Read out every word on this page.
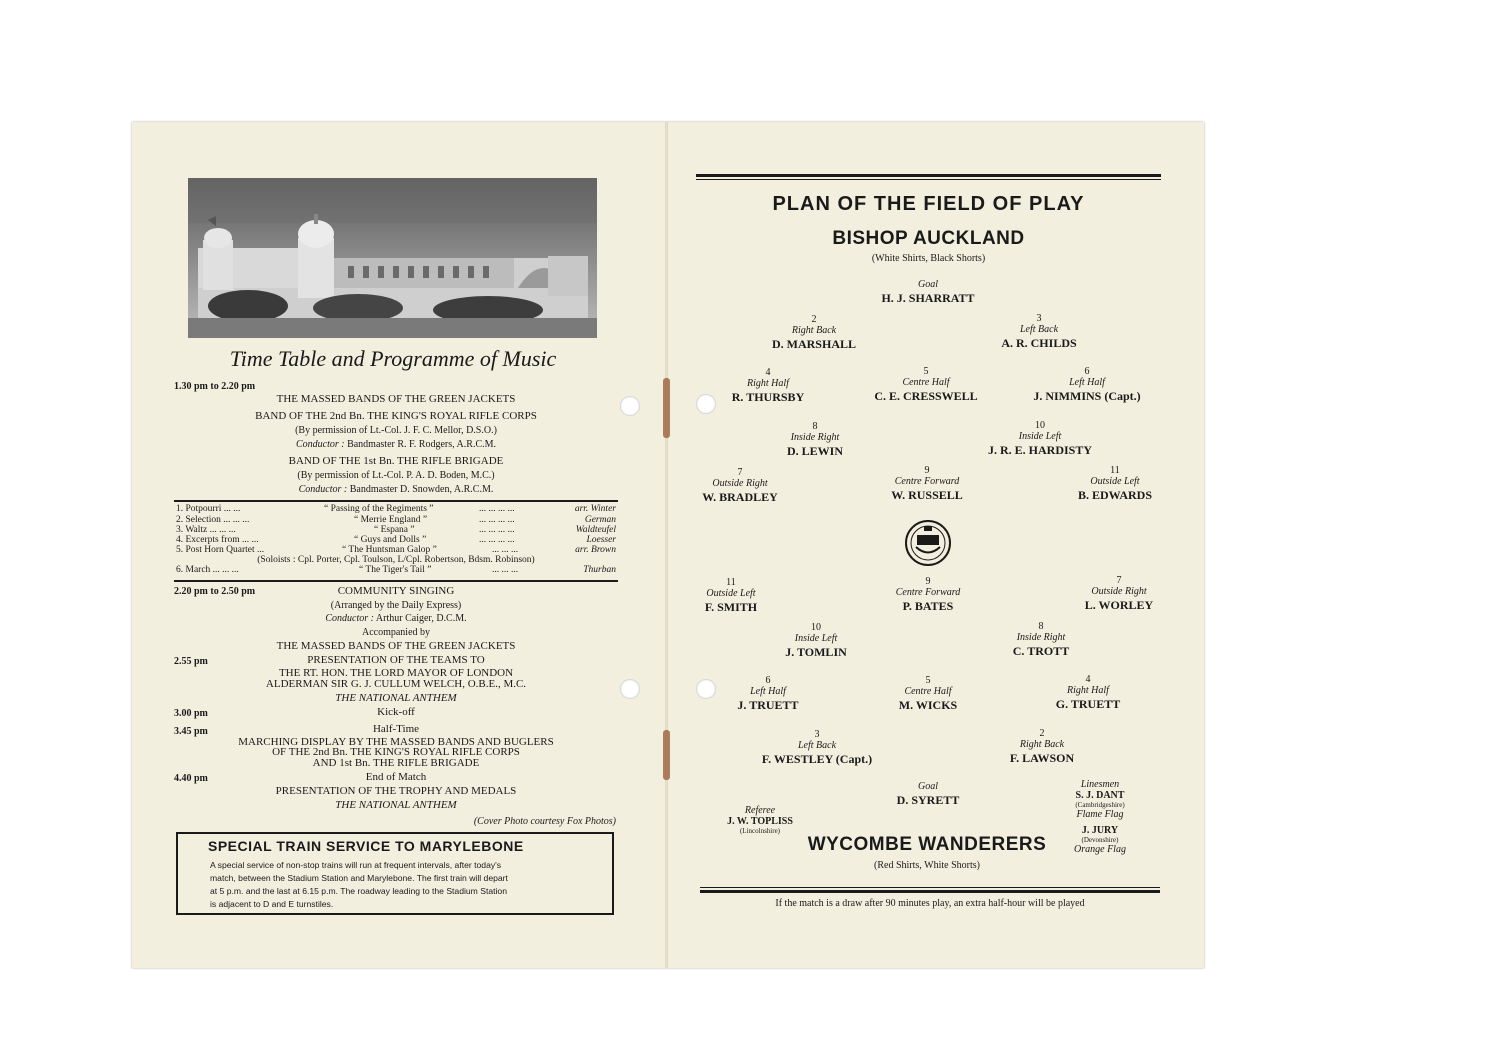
Time Table and Programme of Music
1.30 pm to 2.20 pm
THE MASSED BANDS OF THE GREEN JACKETS
BAND OF THE 2nd Bn. THE KING'S ROYAL RIFLE CORPS
(By permission of Lt.-Col. J. F. C. Mellor, D.S.O.)
Conductor : Bandmaster R. F. Rodgers, A.R.C.M.
BAND OF THE 1st Bn. THE RIFLE BRIGADE
(By permission of Lt.-Col. P. A. D. Boden, M.C.)
Conductor : Bandmaster D. Snowden, A.R.C.M.
1. Potpourri ... ...	“ Passing of the Regiments ”	... ... ... ...	arr. Winter
2. Selection ... ... ...	“ Merrie England ”	... ... ... ...	German
3. Waltz ... ... ...	“ Espana ”	... ... ... ...	Waldteufel
4. Excerpts from ... ...	“ Guys and Dolls ”	... ... ... ...	Loesser
5. Post Horn Quartet ...	“ The Huntsman Galop ”	... ... ...	arr. Brown
(Soloists : Cpl. Porter, Cpl. Toulson, L/Cpl. Robertson, Bdsm. Robinson)
6. March ... ... ...	“ The Tiger's Tail ”	... ... ...	Thurban
2.20 pm to 2.50 pm	COMMUNITY SINGING
(Arranged by the Daily Express)
Conductor : Arthur Caiger, D.C.M.
Accompanied by
THE MASSED BANDS OF THE GREEN JACKETS
2.55 pm	PRESENTATION OF THE TEAMS TO
THE RT. HON. THE LORD MAYOR OF LONDON
ALDERMAN SIR G. J. CULLUM WELCH, O.B.E., M.C.
THE NATIONAL ANTHEM
3.00 pm	Kick-off
3.45 pm	Half-Time
MARCHING DISPLAY BY THE MASSED BANDS AND BUGLERS
OF THE 2nd Bn. THE KING'S ROYAL RIFLE CORPS
AND 1st Bn. THE RIFLE BRIGADE
4.40 pm	End of Match
PRESENTATION OF THE TROPHY AND MEDALS
THE NATIONAL ANTHEM
(Cover Photo courtesy Fox Photos)
SPECIAL TRAIN SERVICE TO MARYLEBONE
A special service of non-stop trains will run at frequent intervals, after today's
match, between the Stadium Station and Marylebone. The first train will depart
at 5 p.m. and the last at 6.15 p.m. The roadway leading to the Stadium Station
is adjacent to D and E turnstiles.
PLAN OF THE FIELD OF PLAY
BISHOP AUCKLAND
(White Shirts, Black Shorts)
Goal
H. J. SHARRATT
2
Right Back
D. MARSHALL
3
Left Back
A. R. CHILDS
4
Right Half
R. THURSBY
5
Centre Half
C. E. CRESSWELL
6
Left Half
J. NIMMINS (Capt.)
8
Inside Right
D. LEWIN
10
Inside Left
J. R. E. HARDISTY
7
Outside Right
W. BRADLEY
9
Centre Forward
W. RUSSELL
11
Outside Left
B. EDWARDS
11
Outside Left
F. SMITH
9
Centre Forward
P. BATES
7
Outside Right
L. WORLEY
10
Inside Left
J. TOMLIN
8
Inside Right
C. TROTT
6
Left Half
J. TRUETT
5
Centre Half
M. WICKS
4
Right Half
G. TRUETT
3
Left Back
F. WESTLEY (Capt.)
2
Right Back
F. LAWSON
Goal
D. SYRETT
Referee
J. W. TOPLISS
(Lincolnshire)
Linesmen
S. J. DANT
(Cambridgeshire)
Flame Flag
J. JURY
(Devonshire)
Orange Flag
WYCOMBE WANDERERS
(Red Shirts, White Shorts)
If the match is a draw after 90 minutes play, an extra half-hour will be played
